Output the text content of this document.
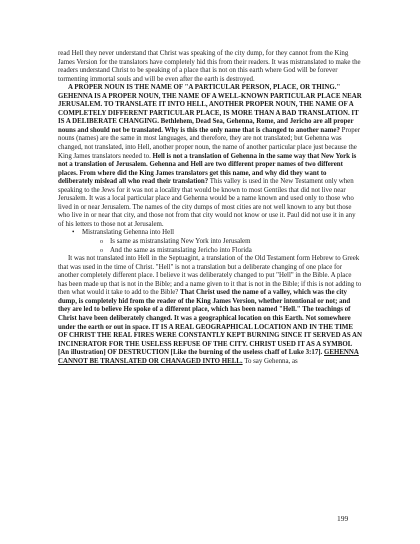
read Hell they never understand that Christ was speaking of the city dump, for they cannot from the King James Version for the translators have completely hid this from their readers. It was mistranslated to make the readers understand Christ to be speaking of a place that is not on this earth where God will be forever tormenting immortal souls and will be even after the earth is destroyed.

A PROPER NOUN IS THE NAME OF "A PARTICULAR PERSON, PLACE, OR THING." GEHENNA IS A PROPER NOUN, THE NAME OF A WELL-KNOWN PARTICULAR PLACE NEAR JERUSALEM. TO TRANSLATE IT INTO HELL, ANOTHER PROPER NOUN, THE NAME OF A COMPLETELY DIFFERENT PARTICULAR PLACE, IS MORE THAN A BAD TRANSLATION. IT IS A DELIBERATE CHANGING. Bethlehem, Dead Sea, Gehenna, Rome, and Jericho are all proper nouns and should not be translated. Why is this the only name that is changed to another name? Proper nouns (names) are the same in most languages, and therefore, they are not translated; but Gehenna was changed, not translated, into Hell, another proper noun, the name of another particular place just because the King James translators needed to. Hell is not a translation of Gehenna in the same way that New York is not a translation of Jerusalem. Gehenna and Hell are two different proper names of two different places. From where did the King James translators get this name, and why did they want to deliberately mislead all who read their translation? This valley is used in the New Testament only when speaking to the Jews for it was not a locality that would be known to most Gentiles that did not live near Jerusalem. It was a local particular place and Gehenna would be a name known and used only to those who lived in or near Jerusalem. The names of the city dumps of most cities are not well known to any but those who live in or near that city, and those not from that city would not know or use it. Paul did not use it in any of his letters to those not at Jerusalem.

• Mistranslating Gehenna into Hell
o Is same as mistranslating New York into Jerusalem
o And the same as mistranslating Jericho into Florida

It was not translated into Hell in the Septuagint, a translation of the Old Testament form Hebrew to Greek that was used in the time of Christ. "Hell" is not a translation but a deliberate changing of one place for another completely different place. I believe it was deliberately changed to put "Hell" in the Bible. A place has been made up that is not in the Bible; and a name given to it that is not in the Bible; if this is not adding to then what would it take to add to the Bible? That Christ used the name of a valley, which was the city dump, is completely hid from the reader of the King James Version, whether intentional or not; and they are led to believe He spoke of a different place, which has been named "Hell." The teachings of Christ have been deliberately changed. It was a geographical location on this Earth. Not somewhere under the earth or out in space. IT IS A REAL GEOGRAPHICAL LOCATION AND IN THE TIME OF CHRIST THE REAL FIRES WERE CONSTANTLY KEPT BURNING SINCE IT SERVED AS AN INCINERATOR FOR THE USELESS REFUSE OF THE CITY. CHRIST USED IT AS A SYMBOL [An illustration] OF DESTRUCTION [Like the burning of the useless chaff of Luke 3:17]. GEHENNA CANNOT BE TRANSLATED OR CHANAGED INTO HELL. To say Gehenna, as

199
